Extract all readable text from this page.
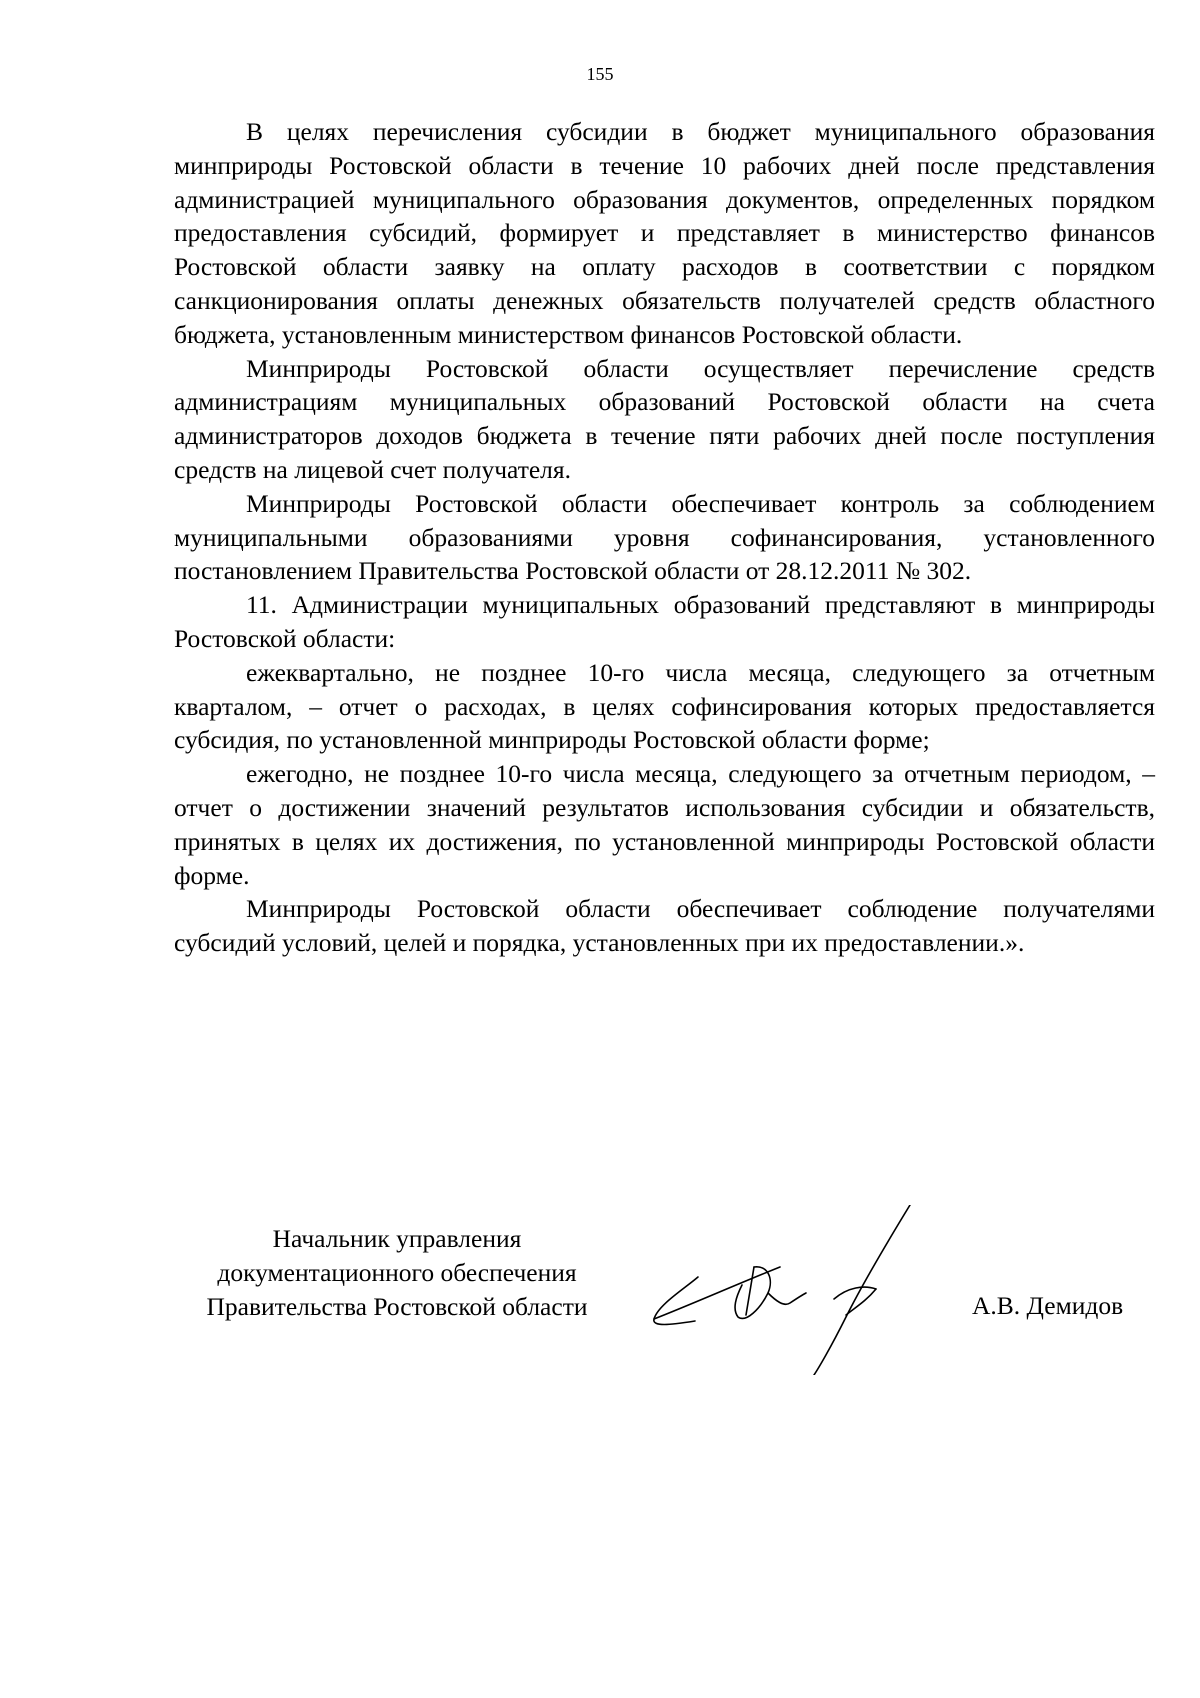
155

В целях перечисления субсидии в бюджет муниципального образования минприроды Ростовской области в течение 10 рабочих дней после представления администрацией муниципального образования документов, определенных порядком предоставления субсидий, формирует и представляет в министерство финансов Ростовской области заявку на оплату расходов в соответствии с порядком санкционирования оплаты денежных обязательств получателей средств областного бюджета, установленным министерством финансов Ростовской области.

Минприроды Ростовской области осуществляет перечисление средств администрациям муниципальных образований Ростовской области на счета администраторов доходов бюджета в течение пяти рабочих дней после поступления средств на лицевой счет получателя.

Минприроды Ростовской области обеспечивает контроль за соблюдением муниципальными образованиями уровня софинансирования, установленного постановлением Правительства Ростовской области от 28.12.2011 № 302.

11. Администрации муниципальных образований представляют в минприроды Ростовской области:

ежеквартально, не позднее 10-го числа месяца, следующего за отчетным кварталом, – отчет о расходах, в целях софинсирования которых предоставляется субсидия, по установленной минприроды Ростовской области форме;

ежегодно, не позднее 10-го числа месяца, следующего за отчетным периодом, – отчет о достижении значений результатов использования субсидии и обязательств, принятых в целях их достижения, по установленной минприроды Ростовской области форме.

Минприроды Ростовской области обеспечивает соблюдение получателями субсидий условий, целей и порядка, установленных при их предоставлении.».

Начальник управления
документационного обеспечения
Правительства Ростовской области	А.В. Демидов
